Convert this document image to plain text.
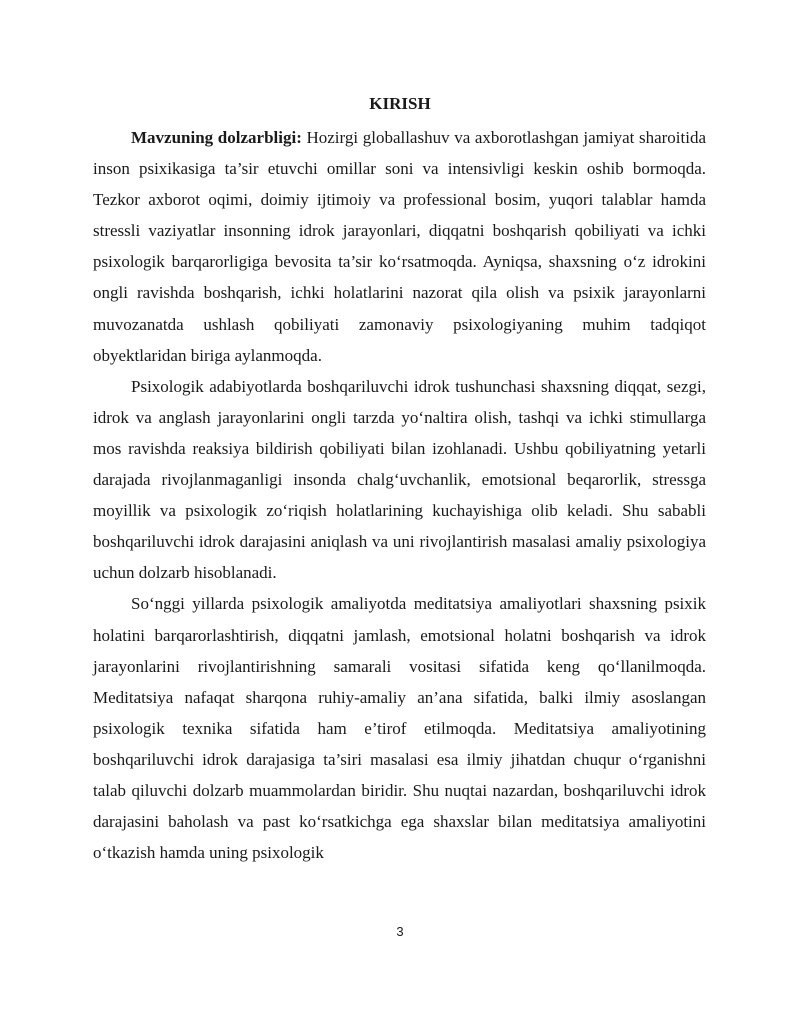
KIRISH

Mavzuning dolzarbligi: Hozirgi globallashuv va axborotlashgan jamiyat sharoitida inson psixikasiga ta’sir etuvchi omillar soni va intensivligi keskin oshib bormoqda. Tezkor axborot oqimi, doimiy ijtimoiy va professional bosim, yuqori talablar hamda stressli vaziyatlar insonning idrok jarayonlari, diqqatni boshqarish qobiliyati va ichki psixologik barqarorligiga bevosita ta’sir ko‘rsatmoqda. Ayniqsa, shaxsning o‘z idrokini ongli ravishda boshqarish, ichki holatlarini nazorat qila olish va psixik jarayonlarni muvozanatda ushlash qobiliyati zamonaviy psixologiyaning muhim tadqiqot obyektlaridan biriga aylanmoqda.

Psixologik adabiyotlarda boshqariluvchi idrok tushunchasi shaxsning diqqat, sezgi, idrok va anglash jarayonlarini ongli tarzda yo‘naltira olish, tashqi va ichki stimullarga mos ravishda reaksiya bildirish qobiliyati bilan izohlanadi. Ushbu qobiliyatning yetarli darajada rivojlanmaganligi insonda chalg‘uvchanlik, emotsional beqarorlik, stressga moyillik va psixologik zo‘riqish holatlarining kuchayishiga olib keladi. Shu sababli boshqariluvchi idrok darajasini aniqlash va uni rivojlantirish masalasi amaliy psixologiya uchun dolzarb hisoblanadi.

So‘nggi yillarda psixologik amaliyotda meditatsiya amaliyotlari shaxsning psixik holatini barqarorlashtirish, diqqatni jamlash, emotsional holatni boshqarish va idrok jarayonlarini rivojlantirishning samarali vositasi sifatida keng qo‘llanilmoqda. Meditatsiya nafaqat sharqona ruhiy-amaliy an’ana sifatida, balki ilmiy asoslangan psixologik texnika sifatida ham e’tirof etilmoqda. Meditatsiya amaliyotining boshqariluvchi idrok darajasiga ta’siri masalasi esa ilmiy jihatdan chuqur o‘rganishni talab qiluvchi dolzarb muammolardan biridir. Shu nuqtai nazardan, boshqariluvchi idrok darajasini baholash va past ko‘rsatkichga ega shaxslar bilan meditatsiya amaliyotini o‘tkazish hamda uning psixologik

3
